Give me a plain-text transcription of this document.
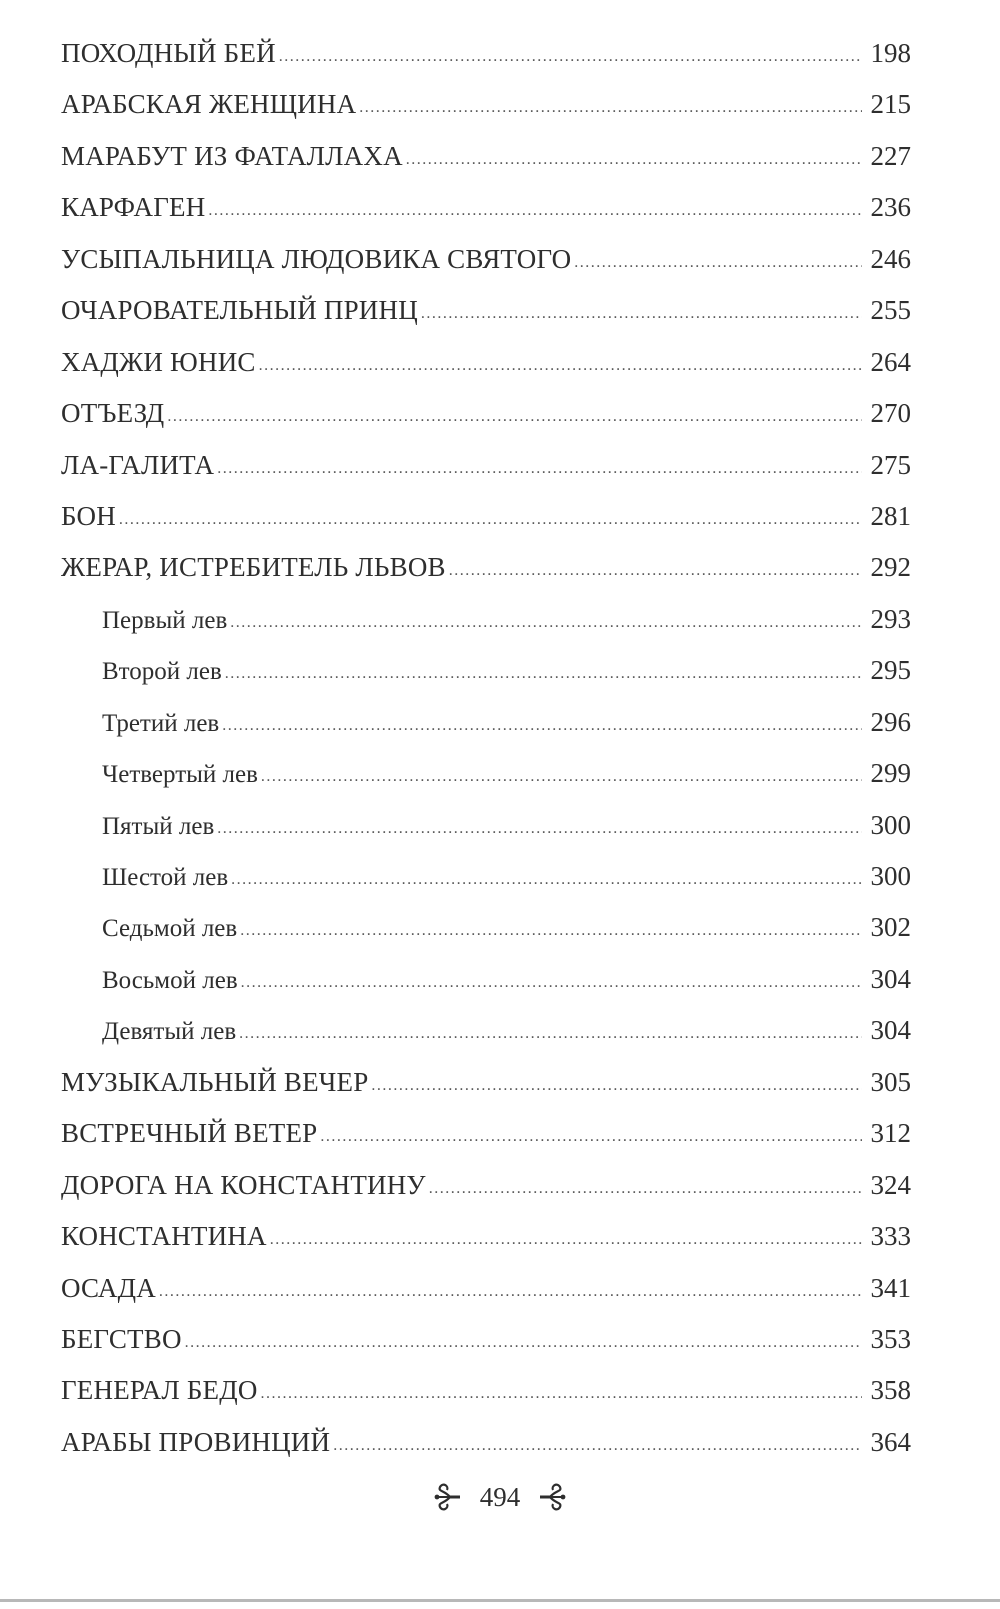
ПОХОДНЫЙ БЕЙ .....	198
АРАБСКАЯ ЖЕНЩИНА .....	215
МАРАБУТ ИЗ ФАТАЛЛАХА .....	227
КАРФАГЕН .....	236
УСЫПАЛЬНИЦА ЛЮДОВИКА СВЯТОГО .....	246
ОЧАРОВАТЕЛЬНЫЙ ПРИНЦ .....	255
ХАДЖИ ЮНИС .....	264
ОТЪЕЗД .....	270
ЛА-ГАЛИТА .....	275
БОН .....	281
ЖЕРАР, ИСТРЕБИТЕЛЬ ЛЬВОВ .....	292
Первый лев .....	293
Второй лев .....	295
Третий лев .....	296
Четвертый лев .....	299
Пятый лев .....	300
Шестой лев .....	300
Седьмой лев .....	302
Восьмой лев .....	304
Девятый лев .....	304
МУЗЫКАЛЬНЫЙ ВЕЧЕР .....	305
ВСТРЕЧНЫЙ ВЕТЕР .....	312
ДОРОГА НА КОНСТАНТИНУ .....	324
КОНСТАНТИНА .....	333
ОСАДА .....	341
БЕГСТВО .....	353
ГЕНЕРАЛ БЕДО .....	358
АРАБЫ ПРОВИНЦИЙ .....	364
494
